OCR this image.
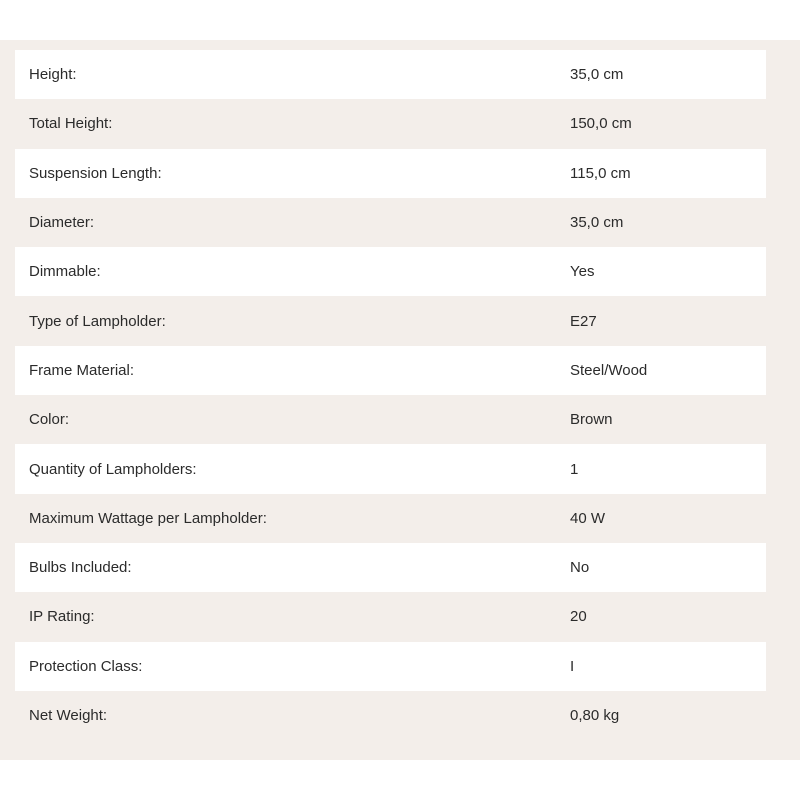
Height:	35,0 cm
Total Height:	150,0 cm
Suspension Length:	115,0 cm
Diameter:	35,0 cm
Dimmable:	Yes
Type of Lampholder:	E27
Frame Material:	Steel/Wood
Color:	Brown
Quantity of Lampholders:	1
Maximum Wattage per Lampholder:	40 W
Bulbs Included:	No
IP Rating:	20
Protection Class:	I
Net Weight:	0,80 kg
